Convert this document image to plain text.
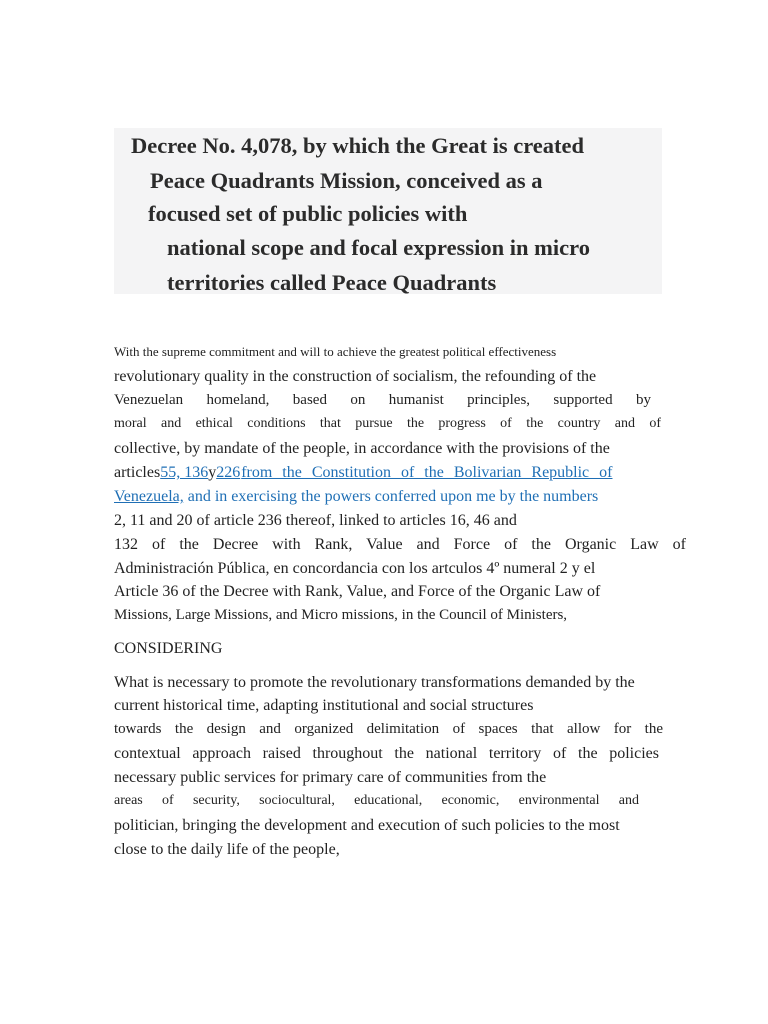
Decree No. 4,078, by which the Great is created
Peace Quadrants Mission, conceived as a
focused set of public policies with
national scope and focal expression in micro
territories called Peace Quadrants
With the supreme commitment and will to achieve the greatest political effectiveness
revolutionary quality in the construction of socialism, the refounding of the
Venezuelan homeland, based on humanist principles, supported by
moral and ethical conditions that pursue the progress of the country and of
collective, by mandate of the people, in accordance with the provisions of the
articles55, 136y226from the Constitution of the Bolivarian Republic of
Venezuela, and in exercising the powers conferred upon me by the numbers
2, 11 and 20 of article 236 thereof, linked to articles 16, 46 and
132 of the Decree with Rank, Value and Force of the Organic Law of
Administración Pública, en concordancia con los artculos 4º numeral 2 y el
Article 36 of the Decree with Rank, Value, and Force of the Organic Law of
Missions, Large Missions, and Micro missions, in the Council of Ministers,
CONSIDERING
What is necessary to promote the revolutionary transformations demanded by the
current historical time, adapting institutional and social structures
towards the design and organized delimitation of spaces that allow for the
contextual approach raised throughout the national territory of the policies
necessary public services for primary care of communities from the
areas of security, sociocultural, educational, economic, environmental and
politician, bringing the development and execution of such policies to the most
close to the daily life of the people,
